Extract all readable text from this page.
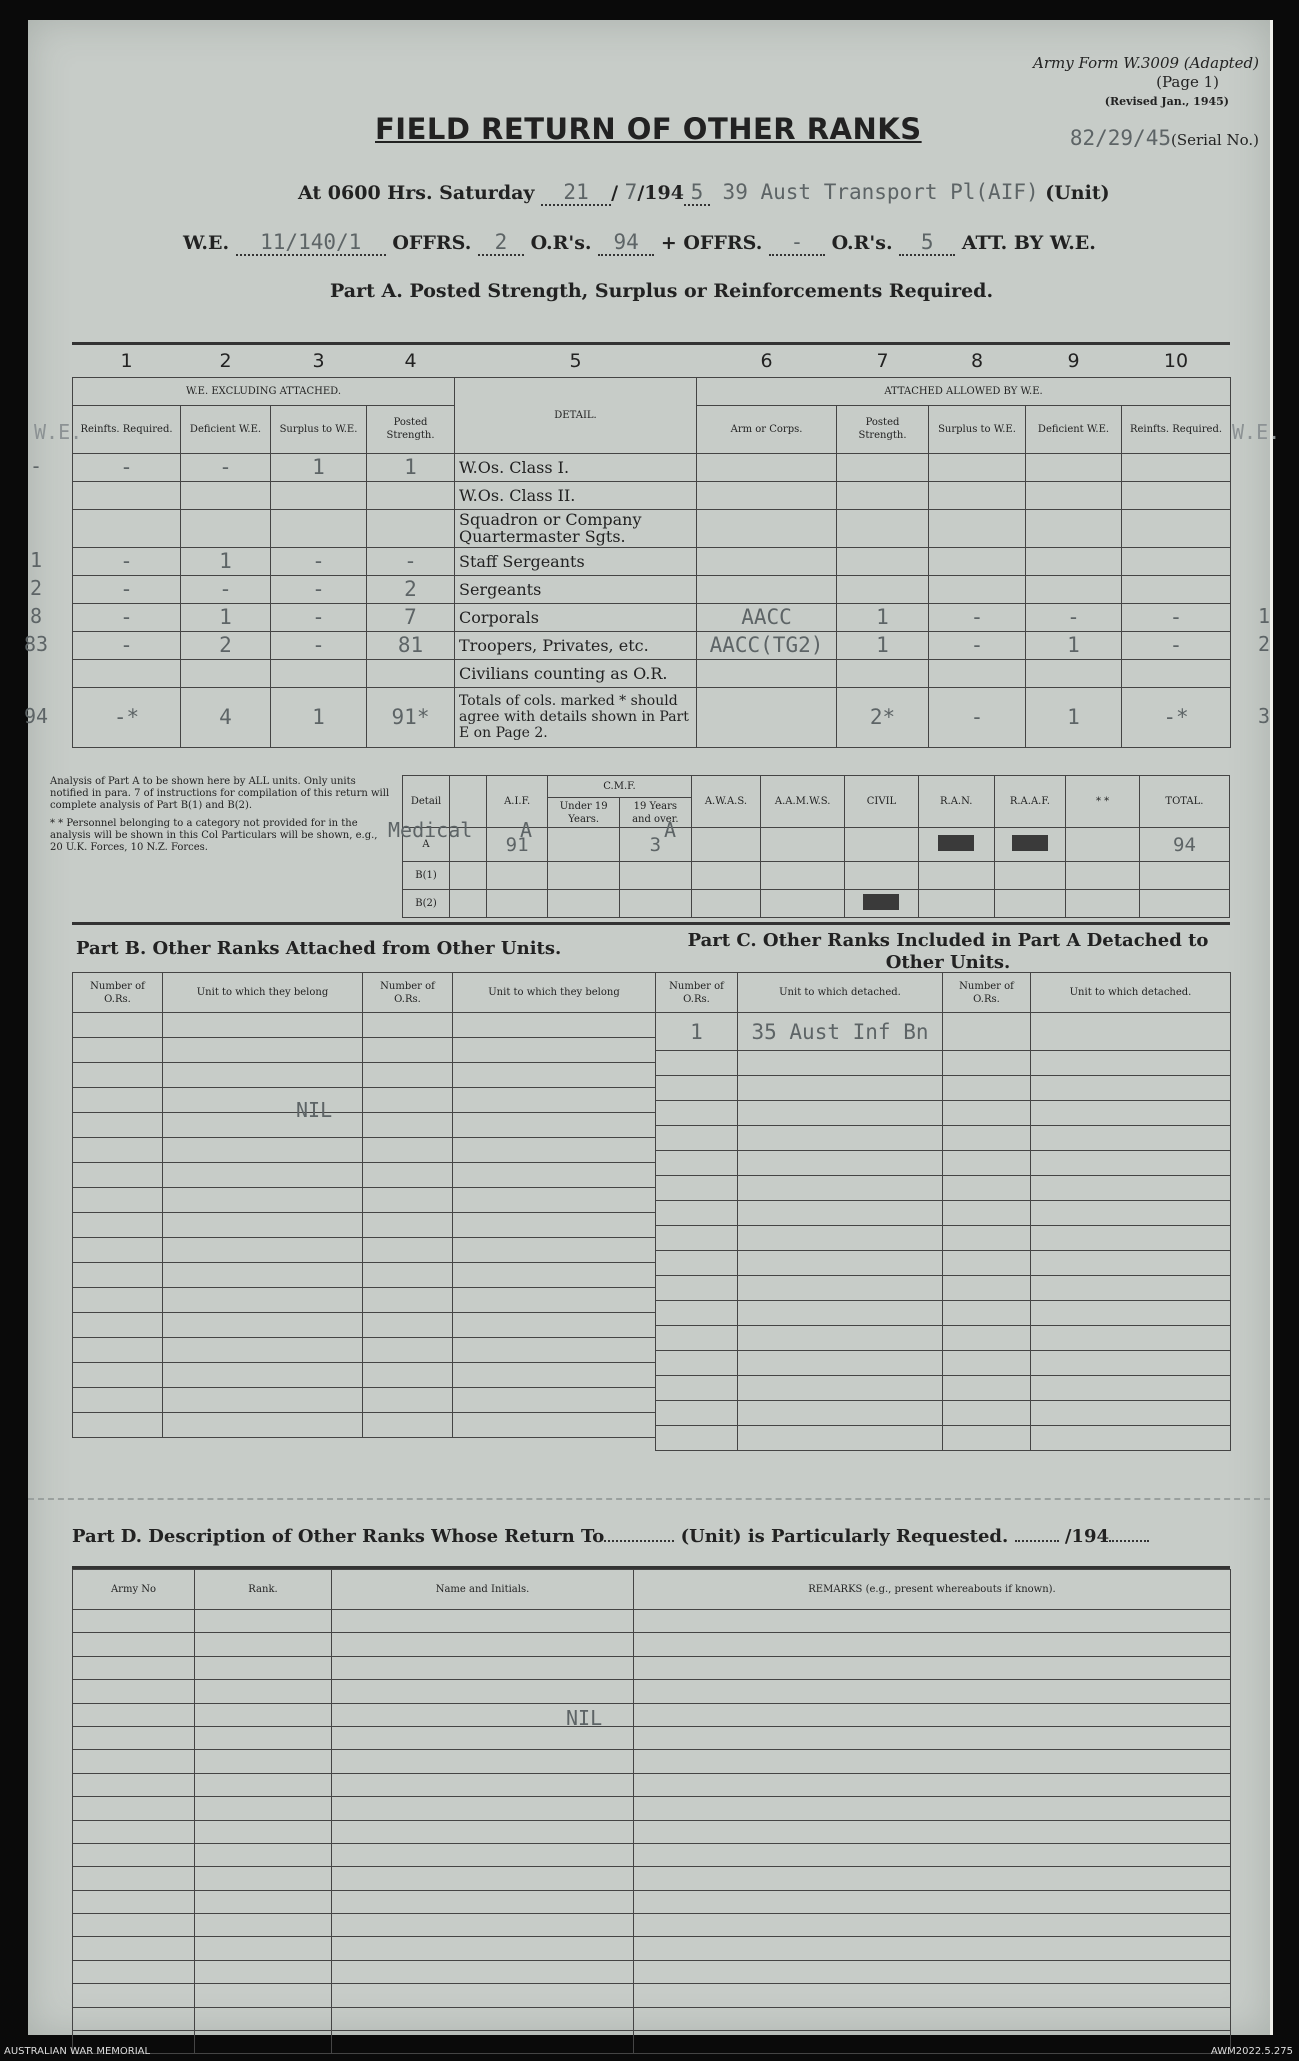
Army Form W.3009 (Adapted)
(Page 1)
(Revised Jan., 1945)
82/29/45(Serial No.)
FIELD RETURN OF OTHER RANKS
At 0600 Hrs. Saturday 21 / 7/194 5 39 Aust Transport Pl(AIF) (Unit)
W.E. 11/140/1 OFFRS. 2 O.R's. 94 + OFFRS. - O.R's. 5 ATT. BY W.E.
Part A. Posted Strength, Surplus or Reinforcements Required.
1	2	3	4	5	6	7	8	9	10
W.E. EXCLUDING ATTACHED.				DETAIL.	ATTACHED ALLOWED BY W.E.				
Reinfts. Required.	Deficient W.E.	Surplus to W.E.	Posted Strength.		Arm or Corps.	Posted Strength.	Surplus to W.E.	Deficient W.E.	Reinfts. Required.
-	-	1	1	W.Os. Class I.					
				W.Os. Class II.					
				Squadron or Company Quartermaster Sgts.					
-	1	-	-	Staff Sergeants					
-	-	-	2	Sergeants					
-	1	-	7	Corporals	AACC	1	-	-	-
-	2	-	81	Troopers, Privates, etc.	AACC(TG2)	1	-	1	-
				Civilians counting as O.R.					
-*	4	1	91*	Totals of cols. marked * should agree with details shown in Part E on Page 2.		2*	-	1	-*
W.E.	W.E.
Analysis of Part A to be shown here by ALL units. Only units notified in para. 7 of instructions for compilation of this return will complete analysis of Part B(1) and B(2).
* * Personnel belonging to a category not provided for in the analysis will be shown in this Col Particulars will be shown, e.g., 20 U.K. Forces, 10 N.Z. Forces.
Detail		A.I.F.	C.M.F.		A.W.A.S.	A.A.M.W.S.	CIVIL	R.A.N.	R.A.A.F.	* *	TOTAL.
			Under 19 Years.	19 Years and over.							
A		91		3							94
B(1)											
B(2)											
Medical A	A
Part B. Other Ranks Attached from Other Units.	Part C. Other Ranks Included in Part A Detached to Other Units.
Number of O.Rs.	Unit to which they belong	Number of O.Rs.	Unit to which they belong

NIL
Number of O.Rs.	Unit to which detached.	Number of O.Rs.	Unit to which detached.
1	35 Aust Inf Bn		

Part D. Description of Other Ranks Whose Return To	(Unit) is Particularly Requested.	/194
Army No	Rank.	Name and Initials.	REMARKS (e.g., present whereabouts if known).

NIL
AUSTRALIAN WAR MEMORIAL	AWM2022.5.275
-
1
2
8	1
83	2
94	3
